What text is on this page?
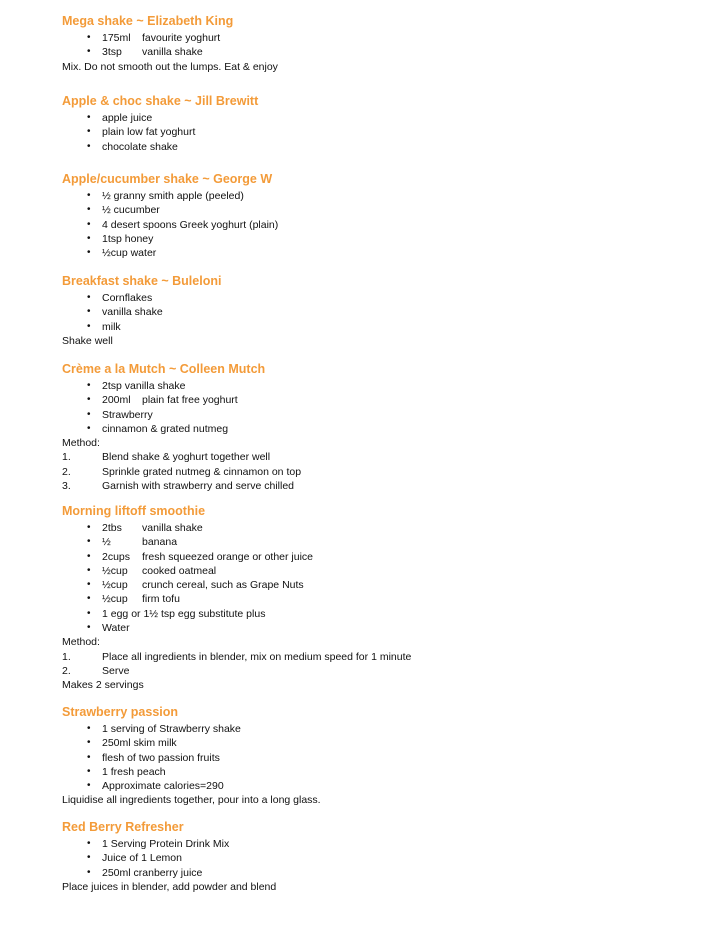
Mega shake ~ Elizabeth King
• 175ml favourite yoghurt
• 3tsp vanilla shake
Mix. Do not smooth out the lumps. Eat & enjoy
Apple & choc shake ~ Jill Brewitt
• apple juice
• plain low fat yoghurt
• chocolate shake
Apple/cucumber shake ~ George W
• ½ granny smith apple (peeled)
• ½ cucumber
• 4 desert spoons Greek yoghurt (plain)
• 1tsp honey
• ½cup water
Breakfast shake ~ Buleloni
• Cornflakes
• vanilla shake
• milk
Shake well
Crème a la Mutch ~ Colleen Mutch
• 2tsp vanilla shake
• 200ml plain fat free yoghurt
• Strawberry
• cinnamon & grated nutmeg
Method:
1.	Blend shake & yoghurt together well
2.	Sprinkle grated nutmeg & cinnamon on top
3.	Garnish with strawberry and serve chilled
Morning liftoff smoothie
• 2tbs vanilla shake
• ½	banana
• 2cups fresh squeezed orange or other juice
• ½cup cooked oatmeal
• ½cup crunch cereal, such as Grape Nuts
• ½cup firm tofu
• 1 egg or 1½ tsp egg substitute plus
• Water
Method:
1.	Place all ingredients in blender, mix on medium speed for 1 minute
2.	Serve
Makes 2 servings
Strawberry passion
• 1 serving of Strawberry shake
• 250ml skim milk
• flesh of two passion fruits
• 1 fresh peach
• Approximate calories=290
Liquidise all ingredients together, pour into a long glass.
Red Berry Refresher
• 1 Serving Protein Drink Mix
• Juice of 1 Lemon
• 250ml cranberry juice
Place juices in blender, add powder and blend
